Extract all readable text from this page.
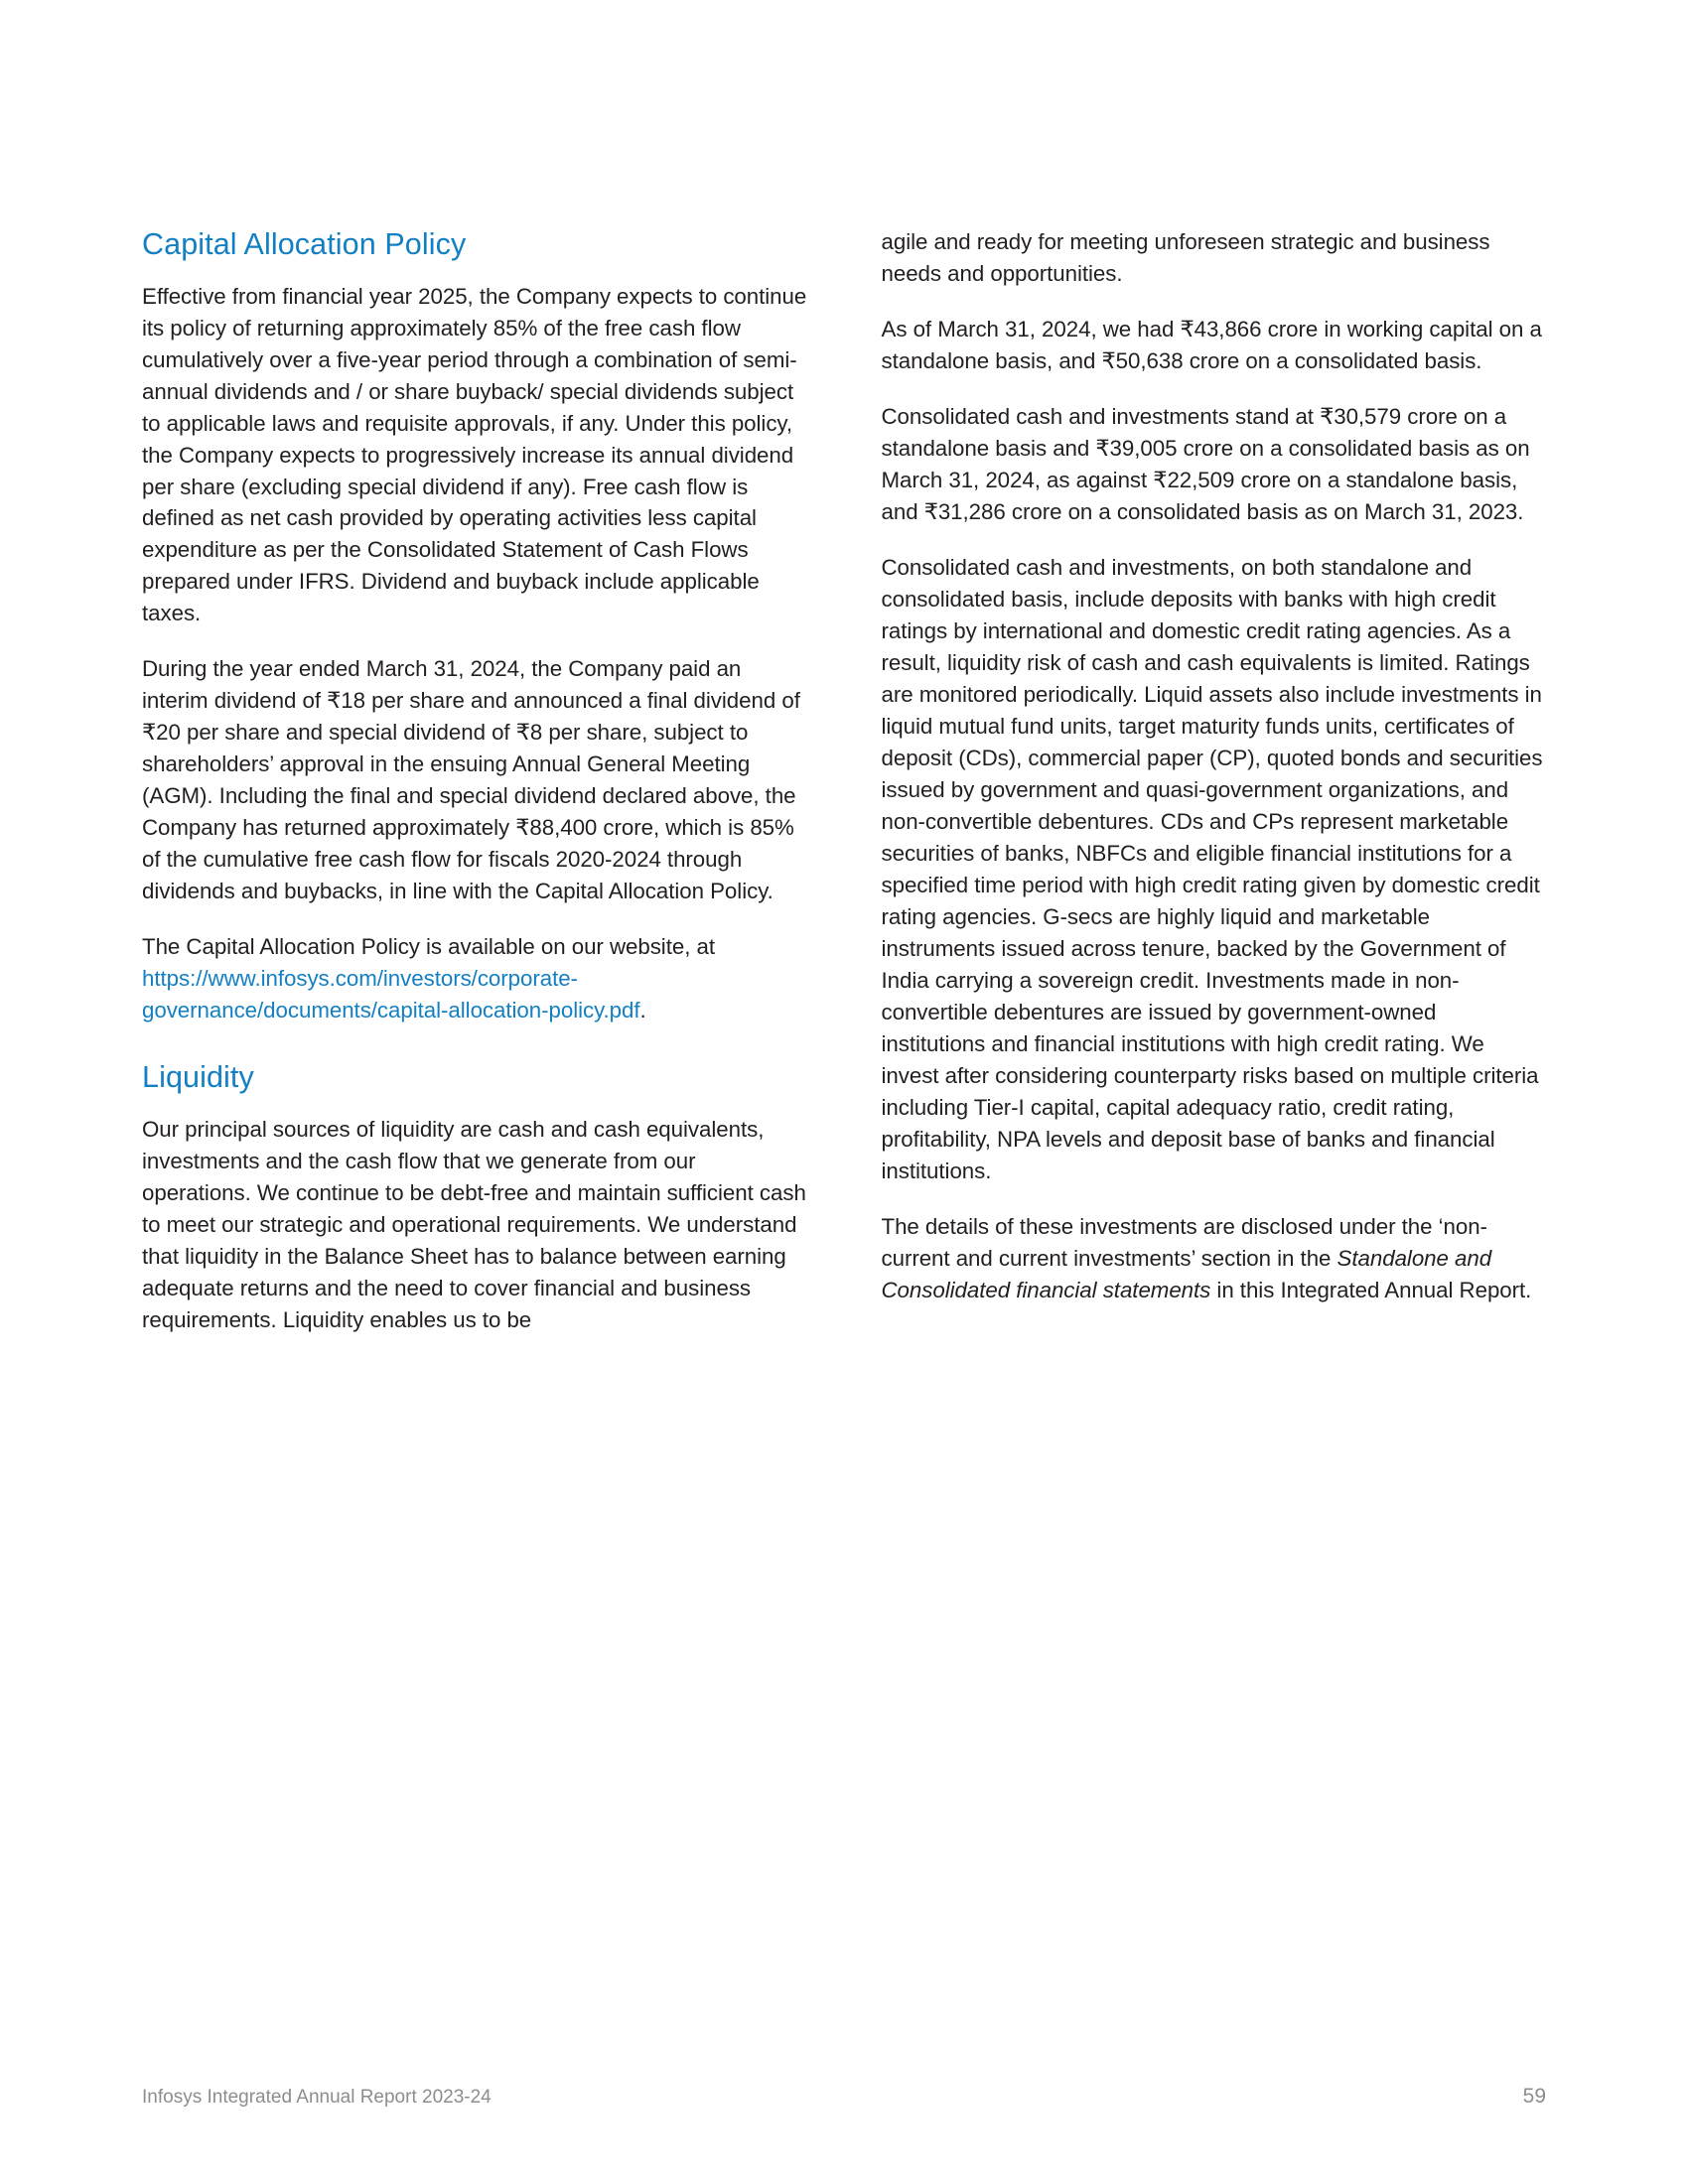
Capital Allocation Policy

Effective from financial year 2025, the Company expects to continue its policy of returning approximately 85% of the free cash flow cumulatively over a five-year period through a combination of semi-annual dividends and / or share buyback/ special dividends subject to applicable laws and requisite approvals, if any. Under this policy, the Company expects to progressively increase its annual dividend per share (excluding special dividend if any). Free cash flow is defined as net cash provided by operating activities less capital expenditure as per the Consolidated Statement of Cash Flows prepared under IFRS. Dividend and buyback include applicable taxes.

During the year ended March 31, 2024, the Company paid an interim dividend of ₹18 per share and announced a final dividend of ₹20 per share and special dividend of ₹8 per share, subject to shareholders’ approval in the ensuing Annual General Meeting (AGM). Including the final and special dividend declared above, the Company has returned approximately ₹88,400 crore, which is 85% of the cumulative free cash flow for fiscals 2020-2024 through dividends and buybacks, in line with the Capital Allocation Policy.

The Capital Allocation Policy is available on our website, at https://www.infosys.com/investors/corporate-governance/documents/capital-allocation-policy.pdf.

Liquidity

Our principal sources of liquidity are cash and cash equivalents, investments and the cash flow that we generate from our operations. We continue to be debt-free and maintain sufficient cash to meet our strategic and operational requirements. We understand that liquidity in the Balance Sheet has to balance between earning adequate returns and the need to cover financial and business requirements. Liquidity enables us to be

agile and ready for meeting unforeseen strategic and business needs and opportunities.

As of March 31, 2024, we had ₹43,866 crore in working capital on a standalone basis, and ₹50,638 crore on a consolidated basis.

Consolidated cash and investments stand at ₹30,579 crore on a standalone basis and ₹39,005 crore on a consolidated basis as on March 31, 2024, as against ₹22,509 crore on a standalone basis, and ₹31,286 crore on a consolidated basis as on March 31, 2023.

Consolidated cash and investments, on both standalone and consolidated basis, include deposits with banks with high credit ratings by international and domestic credit rating agencies. As a result, liquidity risk of cash and cash equivalents is limited. Ratings are monitored periodically. Liquid assets also include investments in liquid mutual fund units, target maturity funds units, certificates of deposit (CDs), commercial paper (CP), quoted bonds and securities issued by government and quasi-government organizations, and non-convertible debentures. CDs and CPs represent marketable securities of banks, NBFCs and eligible financial institutions for a specified time period with high credit rating given by domestic credit rating agencies. G-secs are highly liquid and marketable instruments issued across tenure, backed by the Government of India carrying a sovereign credit. Investments made in non-convertible debentures are issued by government-owned institutions and financial institutions with high credit rating. We invest after considering counterparty risks based on multiple criteria including Tier-I capital, capital adequacy ratio, credit rating, profitability, NPA levels and deposit base of banks and financial institutions.

The details of these investments are disclosed under the ‘non-current and current investments’ section in the Standalone and Consolidated financial statements in this Integrated Annual Report.

Infosys Integrated Annual Report 2023-24	59
